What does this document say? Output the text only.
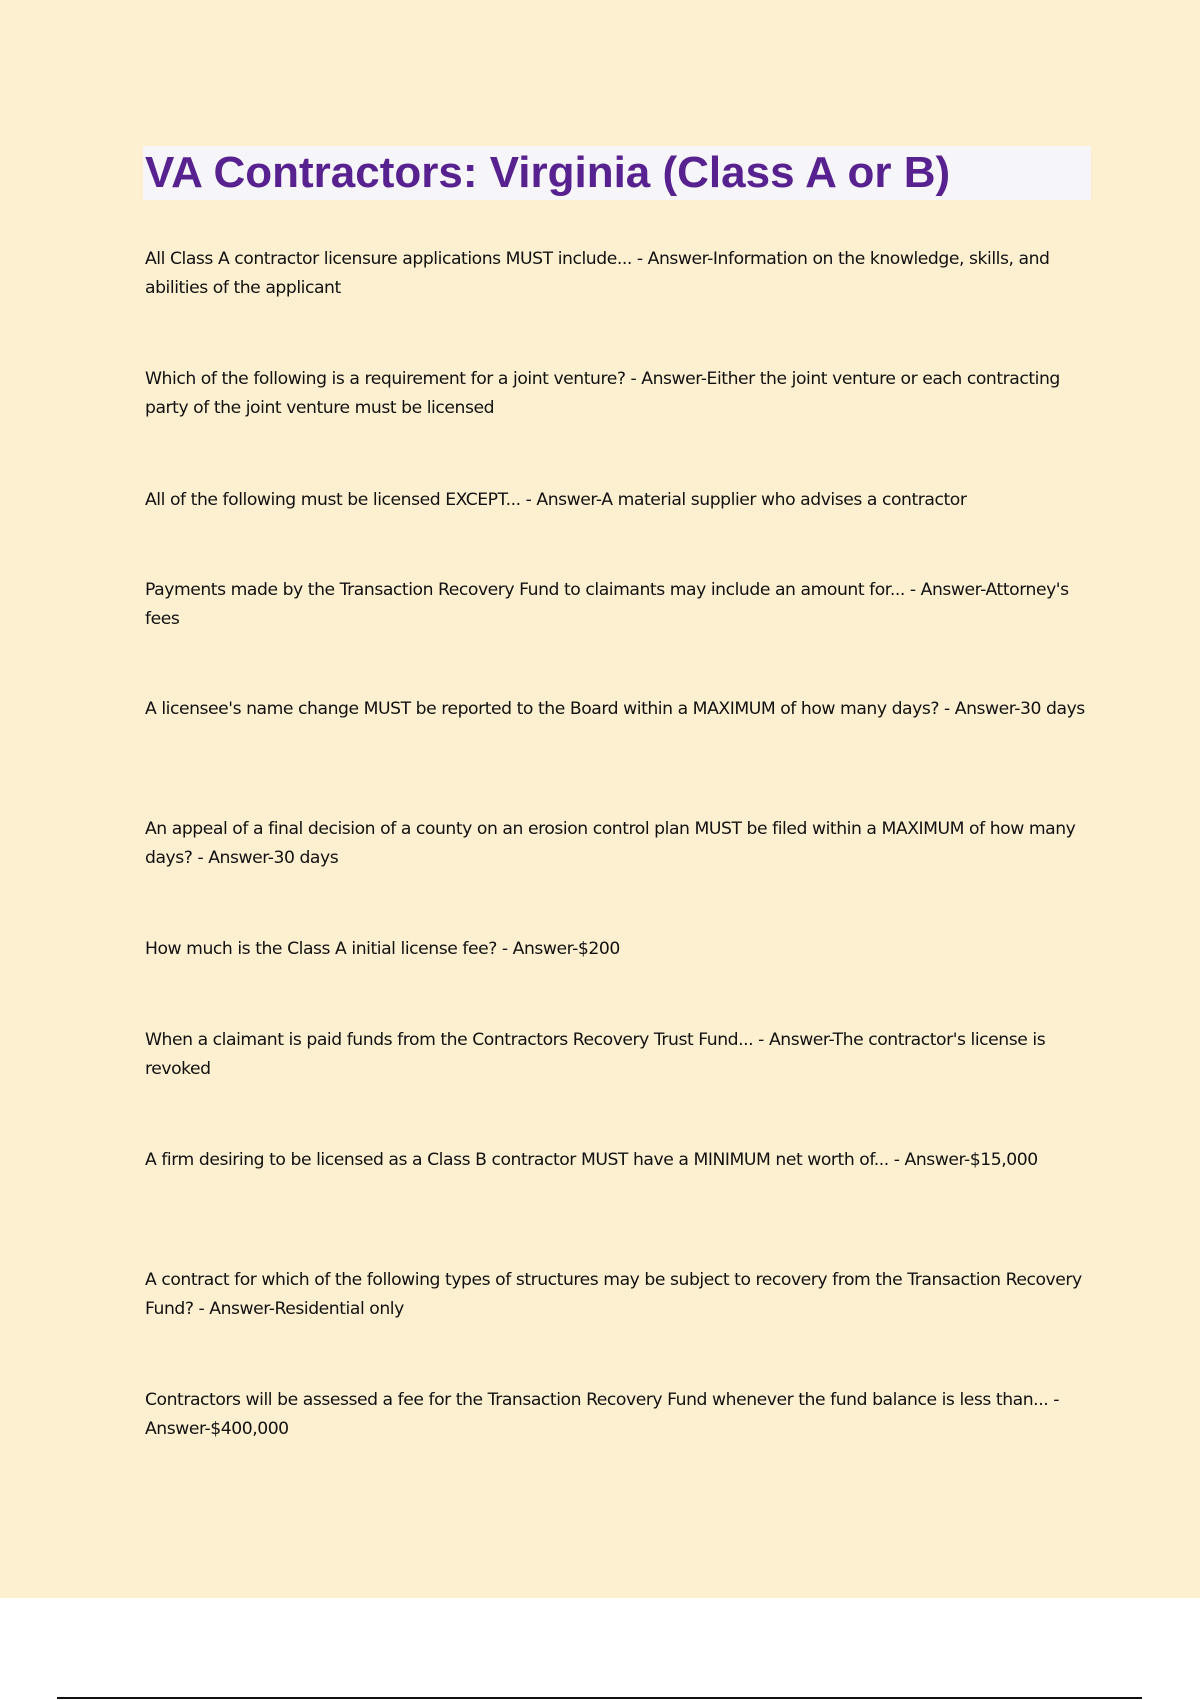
VA Contractors: Virginia (Class A or B)

All Class A contractor licensure applications MUST include... - Answer-Information on the knowledge, skills, and abilities of the applicant

Which of the following is a requirement for a joint venture? - Answer-Either the joint venture or each contracting party of the joint venture must be licensed

All of the following must be licensed EXCEPT... - Answer-A material supplier who advises a contractor

Payments made by the Transaction Recovery Fund to claimants may include an amount for... - Answer-Attorney's fees

A licensee's name change MUST be reported to the Board within a MAXIMUM of how many days? - Answer-30 days

An appeal of a final decision of a county on an erosion control plan MUST be filed within a MAXIMUM of how many days? - Answer-30 days

How much is the Class A initial license fee? - Answer-$200

When a claimant is paid funds from the Contractors Recovery Trust Fund... - Answer-The contractor's license is revoked

A firm desiring to be licensed as a Class B contractor MUST have a MINIMUM net worth of... - Answer-$15,000

A contract for which of the following types of structures may be subject to recovery from the Transaction Recovery Fund? - Answer-Residential only

Contractors will be assessed a fee for the Transaction Recovery Fund whenever the fund balance is less than... - Answer-$400,000
